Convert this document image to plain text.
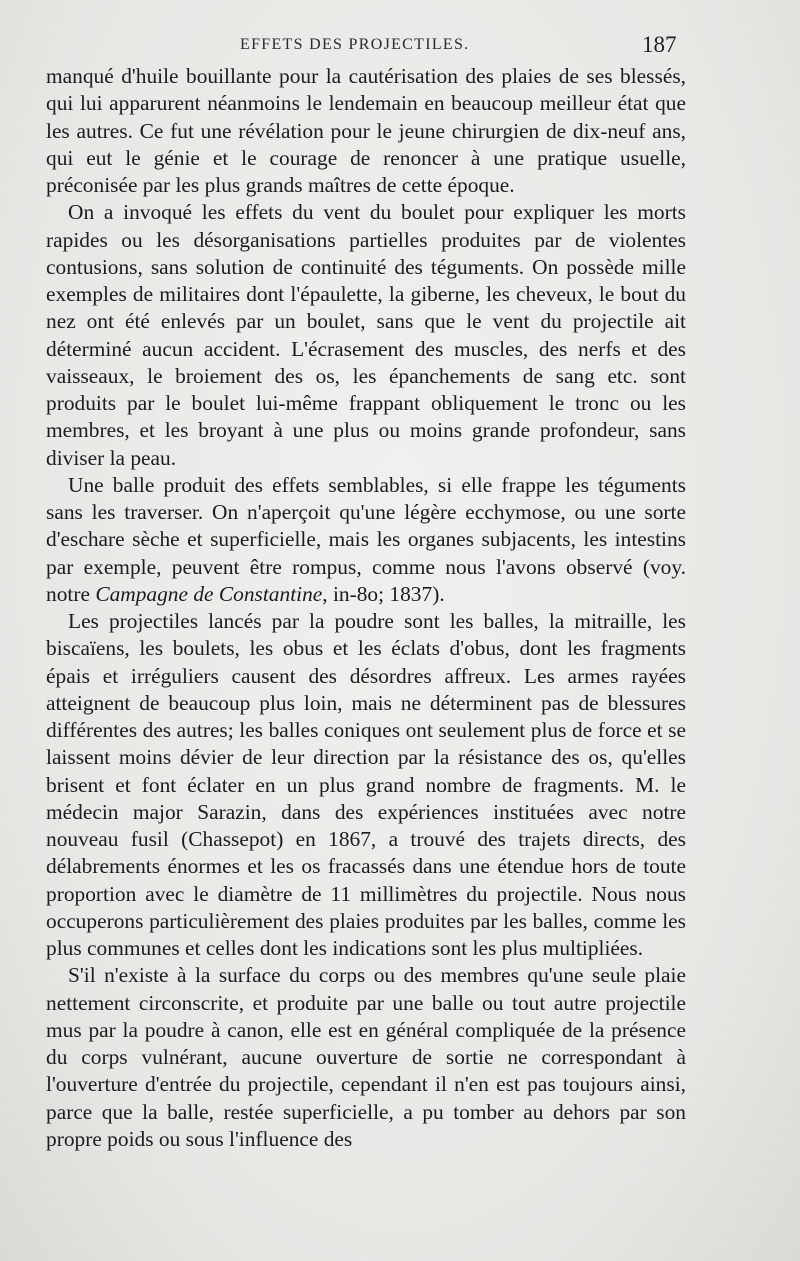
EFFETS DES PROJECTILES.	187

manqué d'huile bouillante pour la cautérisation des plaies de ses blessés, qui lui apparurent néanmoins le lendemain en beaucoup meilleur état que les autres. Ce fut une révélation pour le jeune chirurgien de dix-neuf ans, qui eut le génie et le courage de renoncer à une pratique usuelle, préconisée par les plus grands maîtres de cette époque.

On a invoqué les effets du vent du boulet pour expliquer les morts rapides ou les désorganisations partielles produites par de violentes contusions, sans solution de continuité des téguments. On possède mille exemples de militaires dont l'épaulette, la giberne, les cheveux, le bout du nez ont été enlevés par un boulet, sans que le vent du projectile ait déterminé aucun accident. L'écrasement des muscles, des nerfs et des vaisseaux, le broiement des os, les épanchements de sang etc. sont produits par le boulet lui-même frappant obliquement le tronc ou les membres, et les broyant à une plus ou moins grande profondeur, sans diviser la peau.

Une balle produit des effets semblables, si elle frappe les téguments sans les traverser. On n'aperçoit qu'une légère ecchymose, ou une sorte d'eschare sèche et superficielle, mais les organes subjacents, les intestins par exemple, peuvent être rompus, comme nous l'avons observé (voy. notre Campagne de Constantine, in-8o; 1837).

Les projectiles lancés par la poudre sont les balles, la mitraille, les biscaïens, les boulets, les obus et les éclats d'obus, dont les fragments épais et irréguliers causent des désordres affreux. Les armes rayées atteignent de beaucoup plus loin, mais ne déterminent pas de blessures différentes des autres; les balles coniques ont seulement plus de force et se laissent moins dévier de leur direction par la résistance des os, qu'elles brisent et font éclater en un plus grand nombre de fragments. M. le médecin major Sarazin, dans des expériences instituées avec notre nouveau fusil (Chassepot) en 1867, a trouvé des trajets directs, des délabrements énormes et les os fracassés dans une étendue hors de toute proportion avec le diamètre de 11 millimètres du projectile. Nous nous occuperons particulièrement des plaies produites par les balles, comme les plus communes et celles dont les indications sont les plus multipliées.

S'il n'existe à la surface du corps ou des membres qu'une seule plaie nettement circonscrite, et produite par une balle ou tout autre projectile mus par la poudre à canon, elle est en général compliquée de la présence du corps vulnérant, aucune ouverture de sortie ne correspondant à l'ouverture d'entrée du projectile, cependant il n'en est pas toujours ainsi, parce que la balle, restée superficielle, a pu tomber au dehors par son propre poids ou sous l'influence des
